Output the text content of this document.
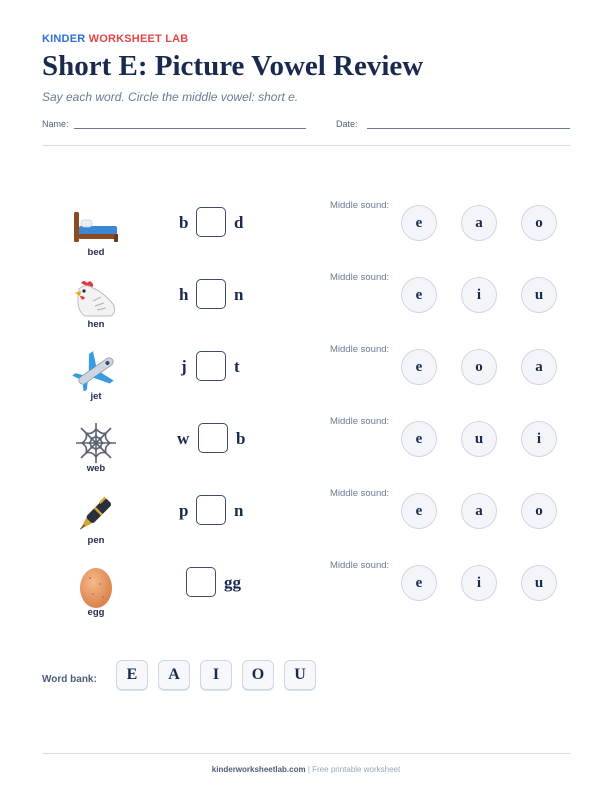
KINDER WORKSHEET LAB
Short E: Picture Vowel Review
Say each word. Circle the middle vowel: short e.
Name:	Date:
bed
b	d
Middle sound:
e	a	o
hen
h	n
Middle sound:
e	i	u
jet
j	t
Middle sound:
e	o	a
web
w	b
Middle sound:
e	u	i
pen
p	n
Middle sound:
e	a	o
egg
gg
Middle sound:
e	i	u
Word bank:	E	A	I	O	U
kinderworksheetlab.com | Free printable worksheet
